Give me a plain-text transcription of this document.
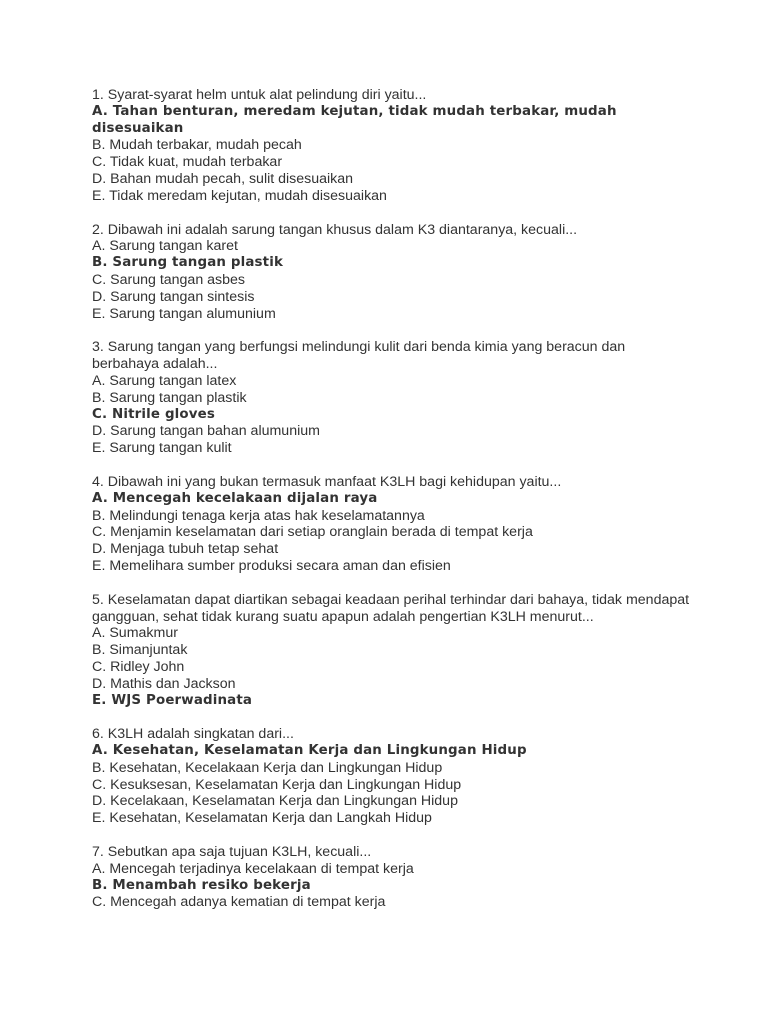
1. Syarat-syarat helm untuk alat pelindung diri yaitu...
A. Tahan benturan, meredam kejutan, tidak mudah terbakar, mudah disesuaikan
B. Mudah terbakar, mudah pecah
C. Tidak kuat, mudah terbakar
D. Bahan mudah pecah, sulit disesuaikan
E. Tidak meredam kejutan, mudah disesuaikan
2. Dibawah ini adalah sarung tangan khusus dalam K3 diantaranya, kecuali...
A. Sarung tangan karet
B. Sarung tangan plastik
C. Sarung tangan asbes
D. Sarung tangan sintesis
E. Sarung tangan alumunium
3. Sarung tangan yang berfungsi melindungi kulit dari benda kimia yang beracun dan berbahaya adalah...
A. Sarung tangan latex
B. Sarung tangan plastik
C. Nitrile gloves
D. Sarung tangan bahan alumunium
E. Sarung tangan kulit
4. Dibawah ini yang bukan termasuk manfaat K3LH bagi kehidupan yaitu...
A. Mencegah kecelakaan dijalan raya
B. Melindungi tenaga kerja atas hak keselamatannya
C. Menjamin keselamatan dari setiap oranglain berada di tempat kerja
D. Menjaga tubuh tetap sehat
E. Memelihara sumber produksi secara aman dan efisien
5. Keselamatan dapat diartikan sebagai keadaan perihal terhindar dari bahaya, tidak mendapat gangguan, sehat tidak kurang suatu apapun adalah pengertian K3LH menurut...
A. Sumakmur
B. Simanjuntak
C. Ridley John
D. Mathis dan Jackson
E. WJS Poerwadinata
6. K3LH adalah singkatan dari...
A. Kesehatan, Keselamatan Kerja dan Lingkungan Hidup
B. Kesehatan, Kecelakaan Kerja dan Lingkungan Hidup
C. Kesuksesan, Keselamatan Kerja dan Lingkungan Hidup
D. Kecelakaan, Keselamatan Kerja dan Lingkungan Hidup
E. Kesehatan, Keselamatan Kerja dan Langkah Hidup
7. Sebutkan apa saja tujuan K3LH, kecuali...
A. Mencegah terjadinya kecelakaan di tempat kerja
B. Menambah resiko bekerja
C. Mencegah adanya kematian di tempat kerja
